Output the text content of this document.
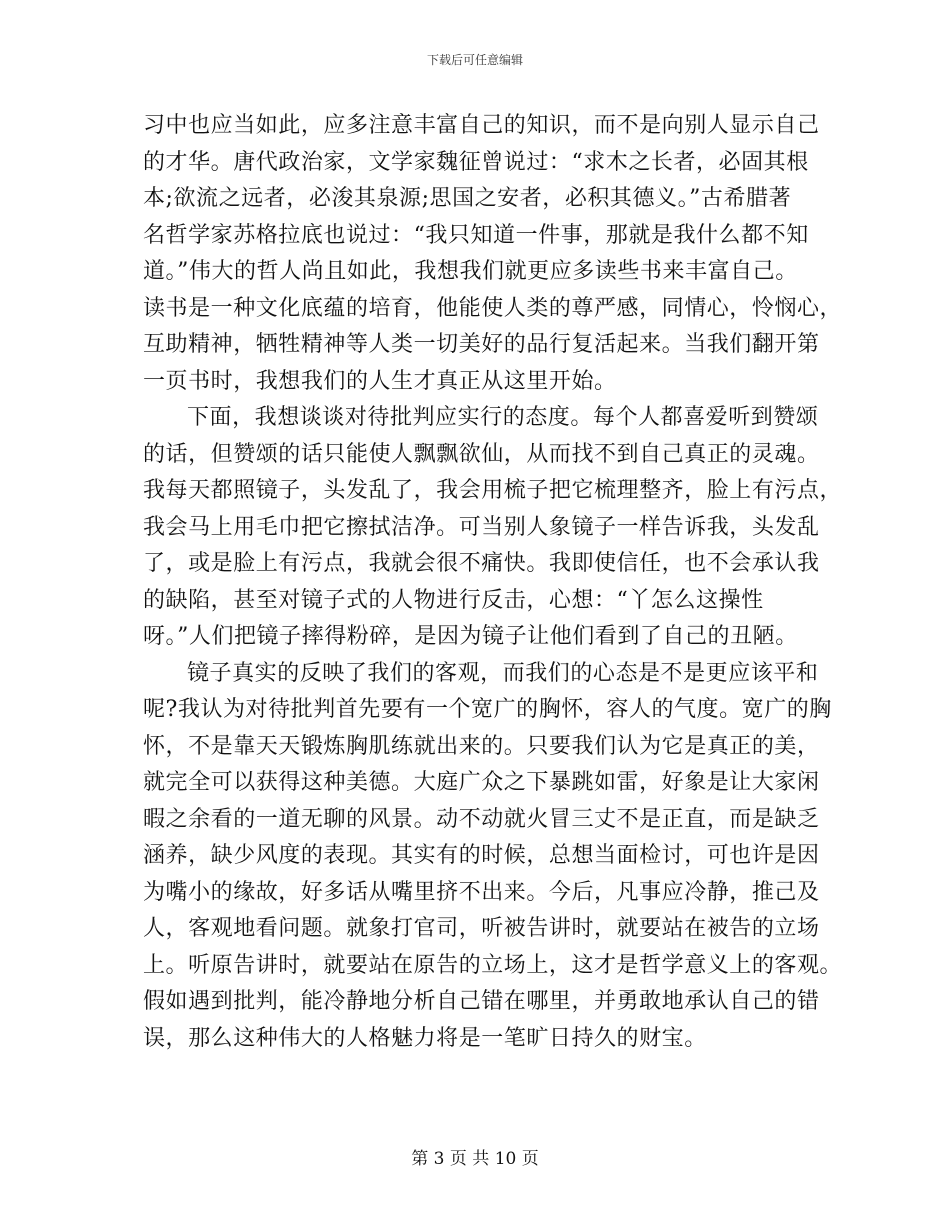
下载后可任意编辑
习中也应当如此，应多注意丰富自己的知识，而不是向别人显示自己
的才华。唐代政治家，文学家魏征曾说过：“求木之长者，必固其根
本;欲流之远者，必浚其泉源;思国之安者，必积其德义。”古希腊著
名哲学家苏格拉底也说过：“我只知道一件事，那就是我什么都不知
道。”伟大的哲人尚且如此，我想我们就更应多读些书来丰富自己。
读书是一种文化底蕴的培育，他能使人类的尊严感，同情心，怜悯心，
互助精神，牺牲精神等人类一切美好的品行复活起来。当我们翻开第
一页书时，我想我们的人生才真正从这里开始。
下面，我想谈谈对待批判应实行的态度。每个人都喜爱听到赞颂
的话，但赞颂的话只能使人飘飘欲仙，从而找不到自己真正的灵魂。
我每天都照镜子，头发乱了，我会用梳子把它梳理整齐，脸上有污点，
我会马上用毛巾把它擦拭洁净。可当别人象镜子一样告诉我，头发乱
了，或是脸上有污点，我就会很不痛快。我即使信任，也不会承认我
的缺陷，甚至对镜子式的人物进行反击，心想：“丫怎么这操性
呀。”人们把镜子摔得粉碎，是因为镜子让他们看到了自己的丑陋。
镜子真实的反映了我们的客观，而我们的心态是不是更应该平和
呢?我认为对待批判首先要有一个宽广的胸怀，容人的气度。宽广的胸
怀，不是靠天天锻炼胸肌练就出来的。只要我们认为它是真正的美，
就完全可以获得这种美德。大庭广众之下暴跳如雷，好象是让大家闲
暇之余看的一道无聊的风景。动不动就火冒三丈不是正直，而是缺乏
涵养，缺少风度的表现。其实有的时候，总想当面检讨，可也许是因
为嘴小的缘故，好多话从嘴里挤不出来。今后，凡事应冷静，推己及
人，客观地看问题。就象打官司，听被告讲时，就要站在被告的立场
上。听原告讲时，就要站在原告的立场上，这才是哲学意义上的客观。
假如遇到批判，能冷静地分析自己错在哪里，并勇敢地承认自己的错
误，那么这种伟大的人格魅力将是一笔旷日持久的财宝。
第 3 页 共 10 页
